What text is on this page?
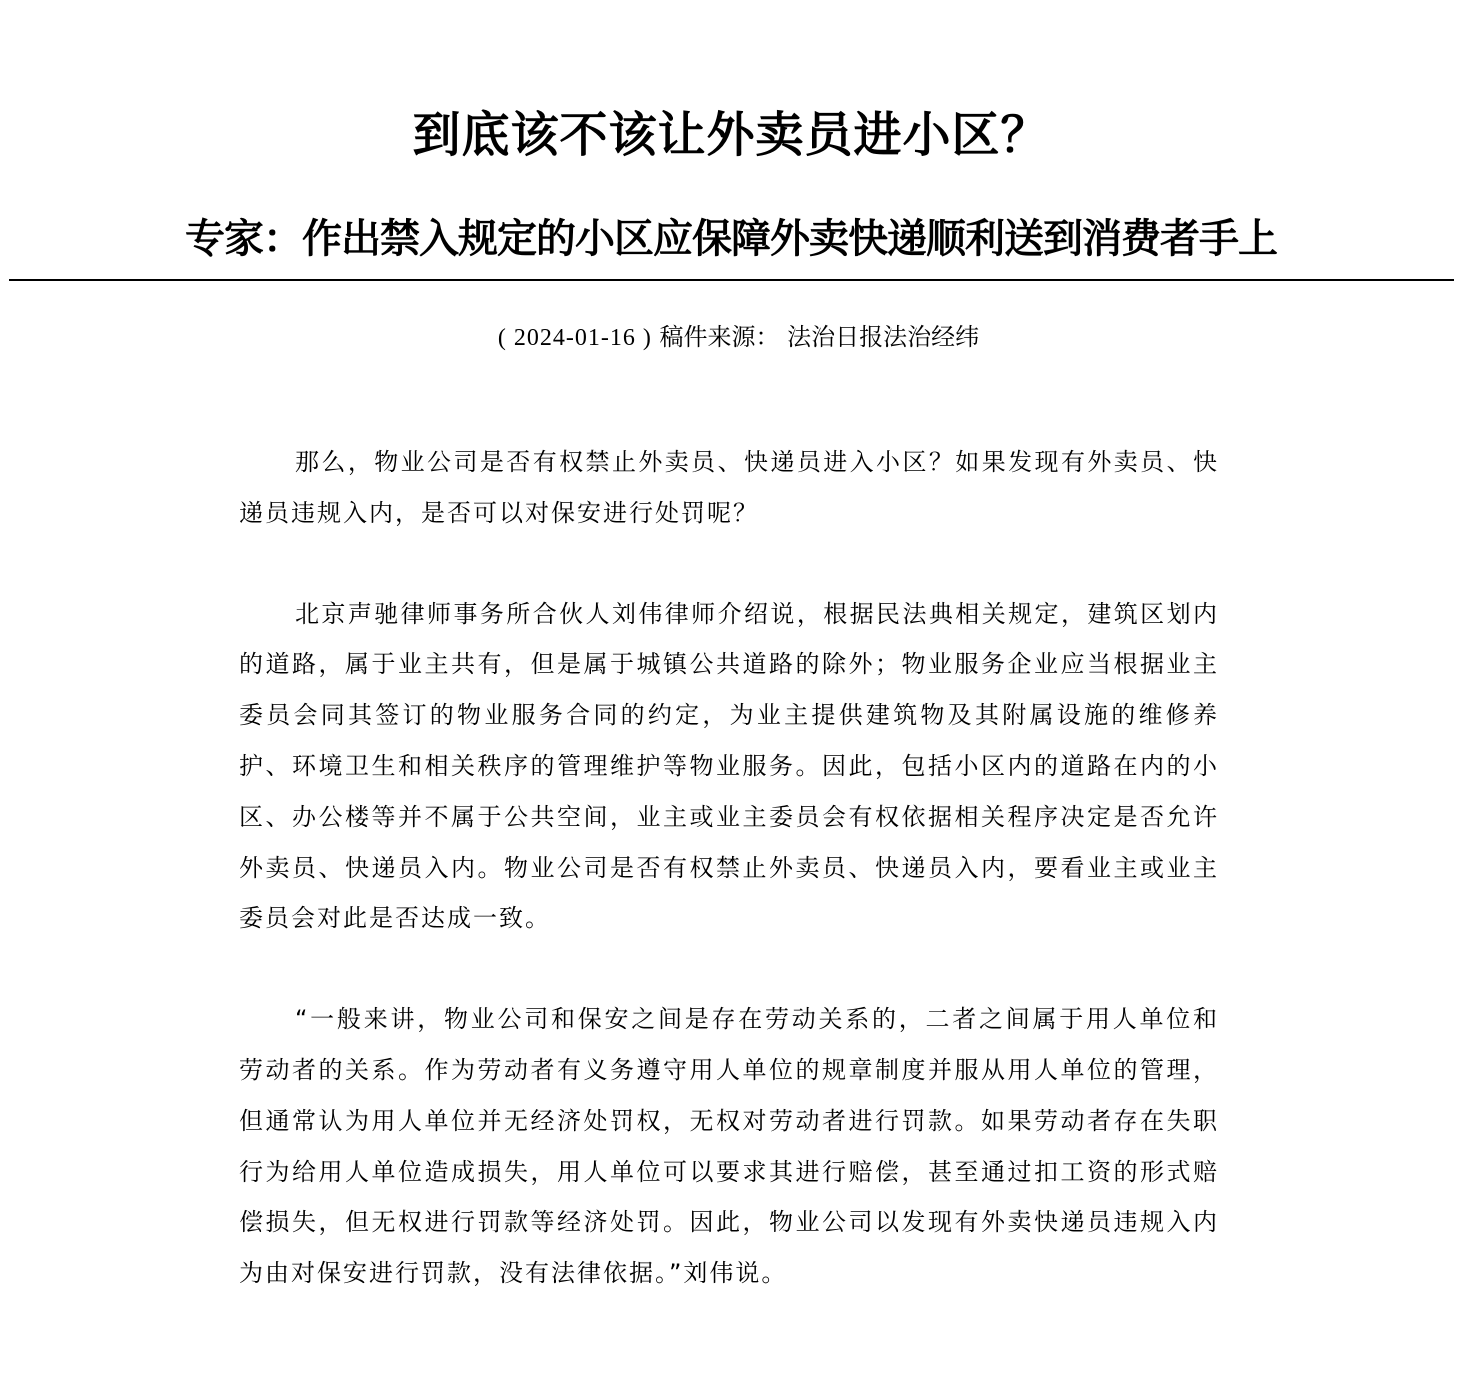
到底该不该让外卖员进小区？
专家：作出禁入规定的小区应保障外卖快递顺利送到消费者手上
( 2024-01-16 ) 稿件来源： 法治日报法治经纬

那么，物业公司是否有权禁止外卖员、快递员进入小区？如果发现有外卖员、快递员违规入内，是否可以对保安进行处罚呢？

北京声驰律师事务所合伙人刘伟律师介绍说，根据民法典相关规定，建筑区划内的道路，属于业主共有，但是属于城镇公共道路的除外；物业服务企业应当根据业主委员会同其签订的物业服务合同的约定，为业主提供建筑物及其附属设施的维修养护、环境卫生和相关秩序的管理维护等物业服务。因此，包括小区内的道路在内的小区、办公楼等并不属于公共空间，业主或业主委员会有权依据相关程序决定是否允许外卖员、快递员入内。物业公司是否有权禁止外卖员、快递员入内，要看业主或业主委员会对此是否达成一致。

“一般来讲，物业公司和保安之间是存在劳动关系的，二者之间属于用人单位和劳动者的关系。作为劳动者有义务遵守用人单位的规章制度并服从用人单位的管理，但通常认为用人单位并无经济处罚权，无权对劳动者进行罚款。如果劳动者存在失职行为给用人单位造成损失，用人单位可以要求其进行赔偿，甚至通过扣工资的形式赔偿损失，但无权进行罚款等经济处罚。因此，物业公司以发现有外卖快递员违规入内为由对保安进行罚款，没有法律依据。”刘伟说。
